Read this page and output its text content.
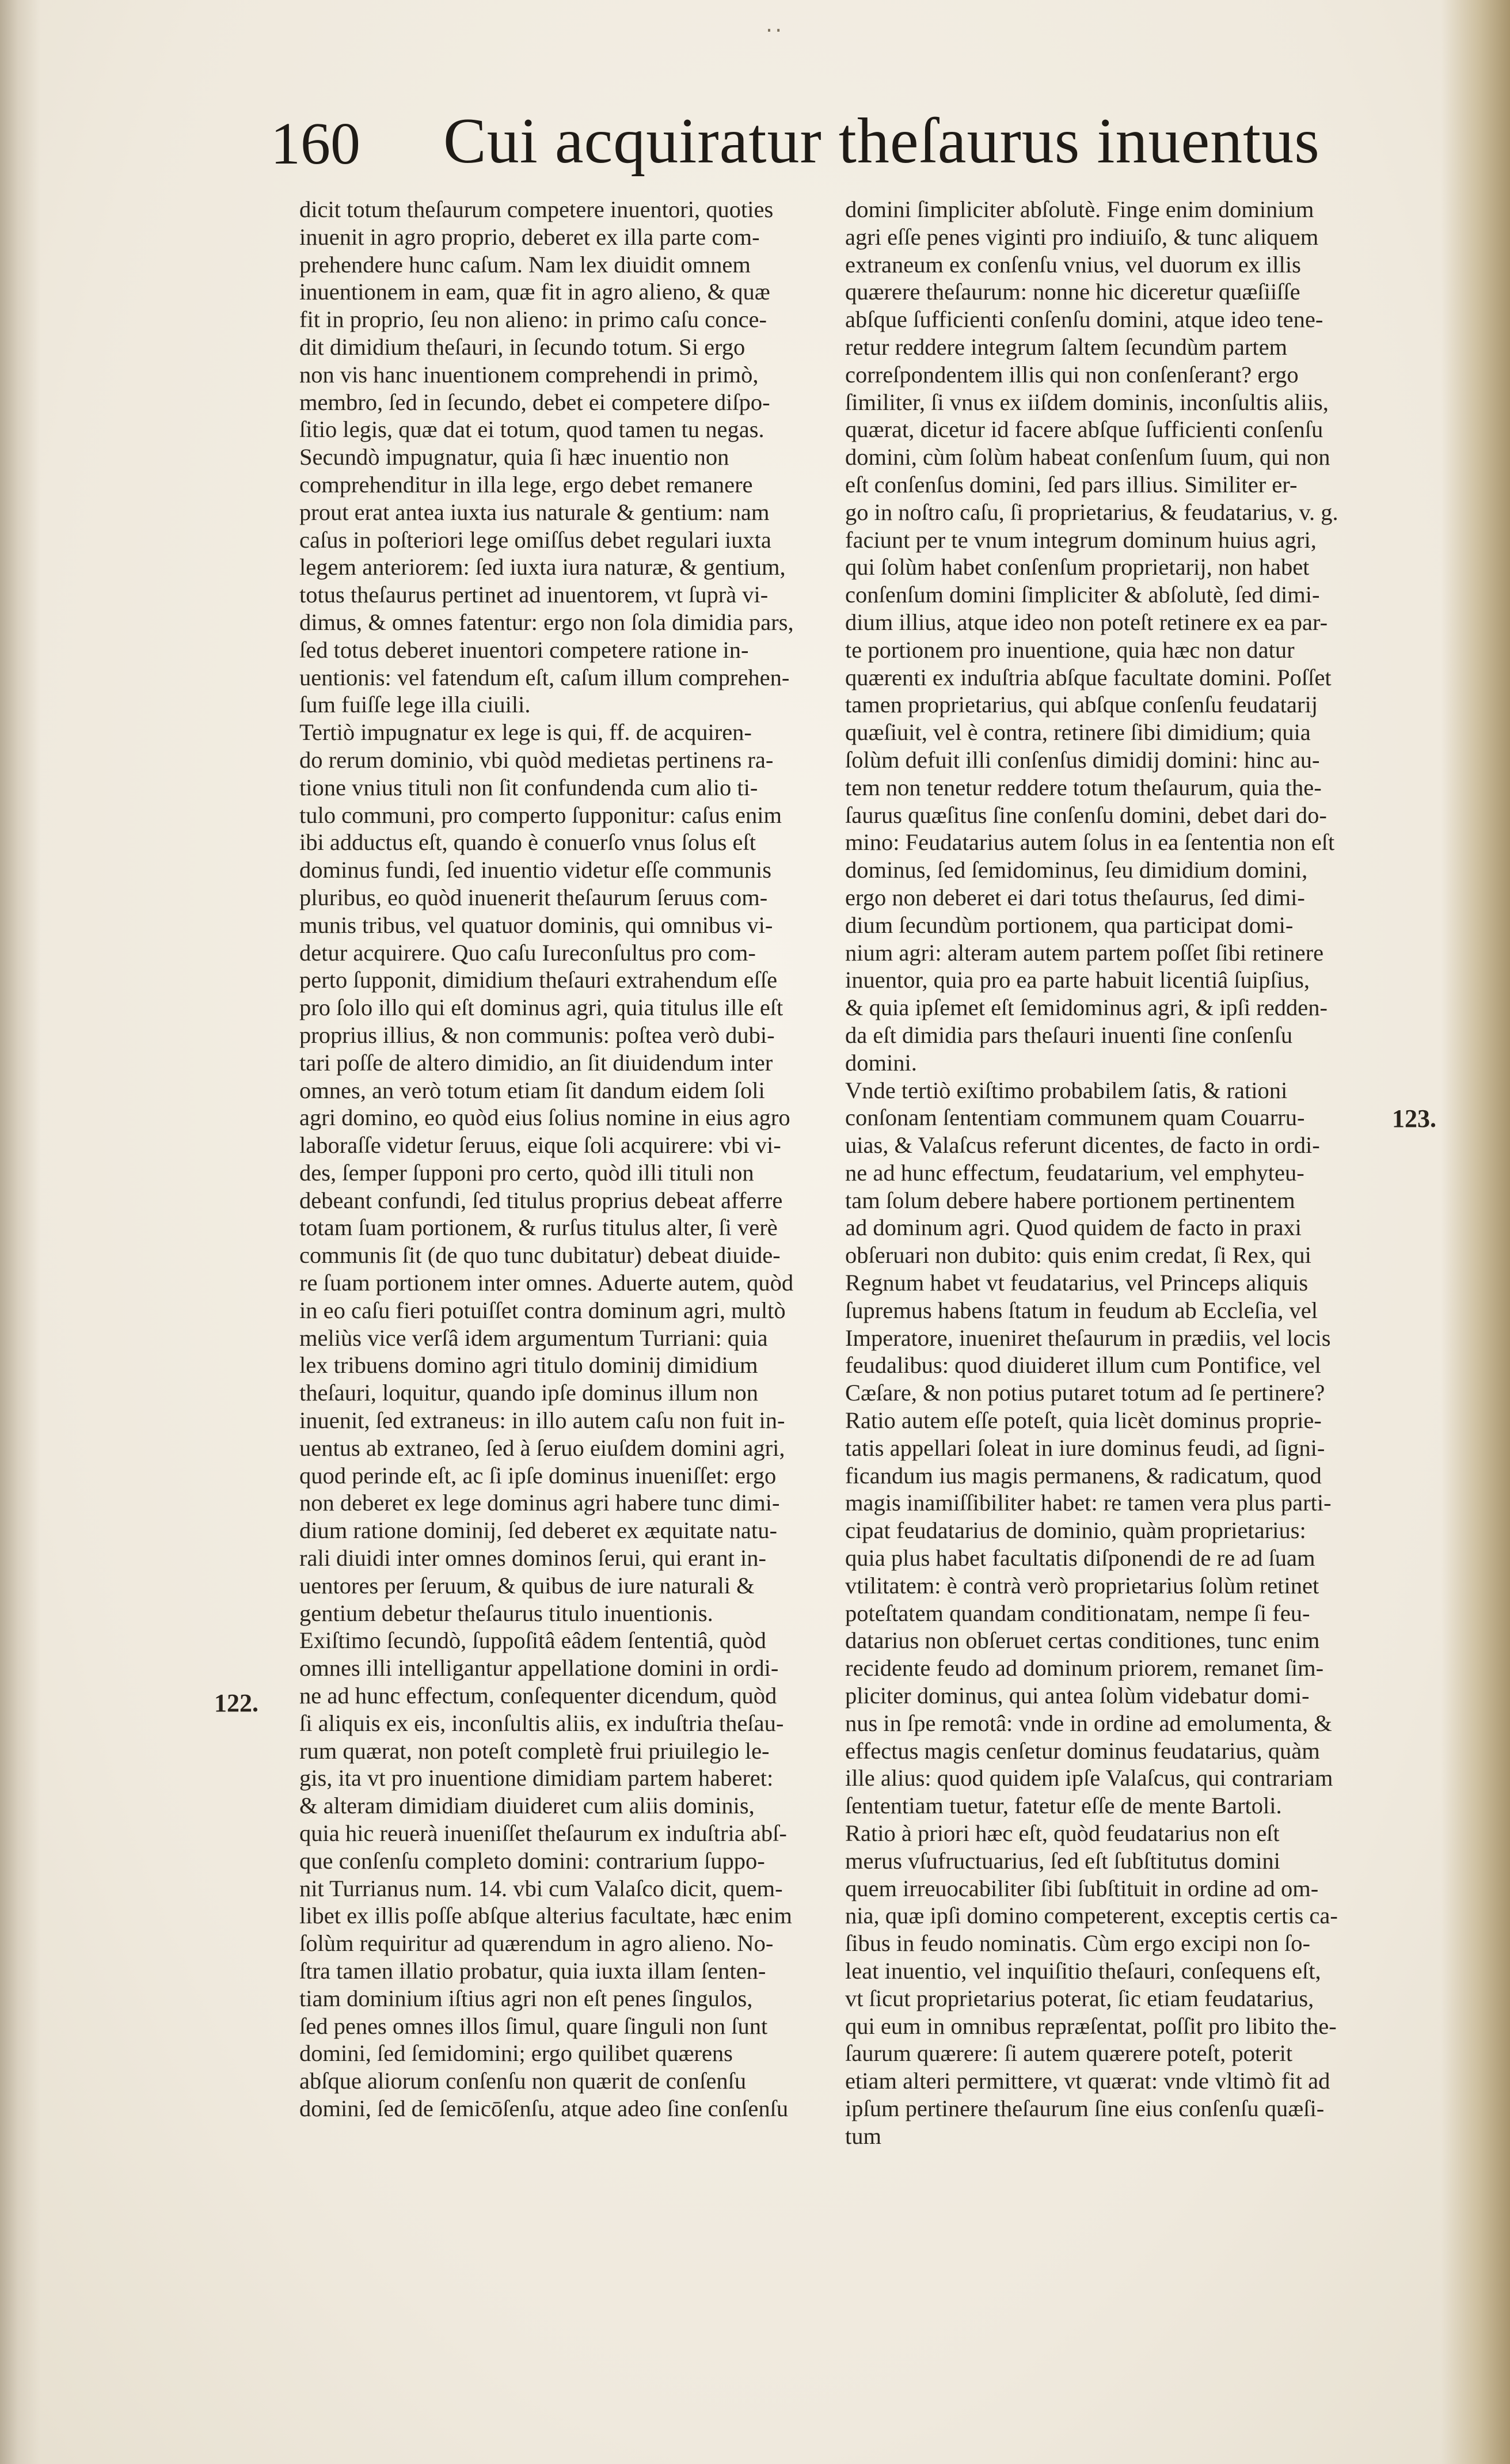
..
160 Cui acquiratur theſaurus inuentus
dicit totum theſaurum competere inuentori, quoties
inuenit in agro proprio, deberet ex illa parte com-
prehendere hunc caſum. Nam lex diuidit omnem
inuentionem in eam, quæ fit in agro alieno, & quæ
fit in proprio, ſeu non alieno: in primo caſu conce-
dit dimidium theſauri, in ſecundo totum. Si ergo
non vis hanc inuentionem comprehendi in primò,
membro, ſed in ſecundo, debet ei competere diſpo-
ſitio legis, quæ dat ei totum, quod tamen tu negas.
Secundò impugnatur, quia ſi hæc inuentio non
comprehenditur in illa lege, ergo debet remanere
prout erat antea iuxta ius naturale & gentium: nam
caſus in poſteriori lege omiſſus debet regulari iuxta
legem anteriorem: ſed iuxta iura naturæ, & gentium,
totus theſaurus pertinet ad inuentorem, vt ſuprà vi-
dimus, & omnes fatentur: ergo non ſola dimidia pars,
ſed totus deberet inuentori competere ratione in-
uentionis: vel fatendum eſt, caſum illum comprehen-
ſum fuiſſe lege illa ciuili.
Tertiò impugnatur ex lege is qui, ff. de acquiren-
do rerum dominio, vbi quòd medietas pertinens ra-
tione vnius tituli non ſit confundenda cum alio ti-
tulo communi, pro comperto ſupponitur: caſus enim
ibi adductus eſt, quando è conuerſo vnus ſolus eſt
dominus fundi, ſed inuentio videtur eſſe communis
pluribus, eo quòd inuenerit theſaurum ſeruus com-
munis tribus, vel quatuor dominis, qui omnibus vi-
detur acquirere. Quo caſu Iureconſultus pro com-
perto ſupponit, dimidium theſauri extrahendum eſſe
pro ſolo illo qui eſt dominus agri, quia titulus ille eſt
proprius illius, & non communis: poſtea verò dubi-
tari poſſe de altero dimidio, an ſit diuidendum inter
omnes, an verò totum etiam ſit dandum eidem ſoli
agri domino, eo quòd eius ſolius nomine in eius agro
laboraſſe videtur ſeruus, eique ſoli acquirere: vbi vi-
des, ſemper ſupponi pro certo, quòd illi tituli non
debeant confundi, ſed titulus proprius debeat afferre
totam ſuam portionem, & rurſus titulus alter, ſi verè
communis ſit (de quo tunc dubitatur) debeat diuide-
re ſuam portionem inter omnes. Aduerte autem, quòd
in eo caſu fieri potuiſſet contra dominum agri, multò
meliùs vice verſâ idem argumentum Turriani: quia
lex tribuens domino agri titulo dominij dimidium
theſauri, loquitur, quando ipſe dominus illum non
inuenit, ſed extraneus: in illo autem caſu non fuit in-
uentus ab extraneo, ſed à ſeruo eiuſdem domini agri,
quod perinde eſt, ac ſi ipſe dominus inueniſſet: ergo
non deberet ex lege dominus agri habere tunc dimi-
dium ratione dominij, ſed deberet ex æquitate natu-
rali diuidi inter omnes dominos ſerui, qui erant in-
uentores per ſeruum, & quibus de iure naturali &
gentium debetur theſaurus titulo inuentionis.
Exiſtimo ſecundò, ſuppoſitâ eâdem ſententiâ, quòd
omnes illi intelligantur appellatione domini in ordi-
ne ad hunc effectum, conſequenter dicendum, quòd
ſi aliquis ex eis, inconſultis aliis, ex induſtria theſau-
rum quærat, non poteſt completè frui priuilegio le-
gis, ita vt pro inuentione dimidiam partem haberet:
& alteram dimidiam diuideret cum aliis dominis,
quia hic reuerà inueniſſet theſaurum ex induſtria abſ-
que conſenſu completo domini: contrarium ſuppo-
nit Turrianus num. 14. vbi cum Valaſco dicit, quem-
libet ex illis poſſe abſque alterius facultate, hæc enim
ſolùm requiritur ad quærendum in agro alieno. No-
ſtra tamen illatio probatur, quia iuxta illam ſenten-
tiam dominium iſtius agri non eſt penes ſingulos,
ſed penes omnes illos ſimul, quare ſinguli non ſunt
domini, ſed ſemidomini; ergo quilibet quærens
abſque aliorum conſenſu non quærit de conſenſu
domini, ſed de ſemicōſenſu, atque adeo ſine conſenſu
domini ſimpliciter abſolutè. Finge enim dominium
agri eſſe penes viginti pro indiuiſo, & tunc aliquem
extraneum ex conſenſu vnius, vel duorum ex illis
quærere theſaurum: nonne hic diceretur quæſiiſſe
abſque ſufficienti conſenſu domini, atque ideo tene-
retur reddere integrum ſaltem ſecundùm partem
correſpondentem illis qui non conſenſerant? ergo
ſimiliter, ſi vnus ex iiſdem dominis, inconſultis aliis,
quærat, dicetur id facere abſque ſufficienti conſenſu
domini, cùm ſolùm habeat conſenſum ſuum, qui non
eſt conſenſus domini, ſed pars illius. Similiter er-
go in noſtro caſu, ſi proprietarius, & feudatarius, v. g.
faciunt per te vnum integrum dominum huius agri,
qui ſolùm habet conſenſum proprietarij, non habet
conſenſum domini ſimpliciter & abſolutè, ſed dimi-
dium illius, atque ideo non poteſt retinere ex ea par-
te portionem pro inuentione, quia hæc non datur
quærenti ex induſtria abſque facultate domini. Poſſet
tamen proprietarius, qui abſque conſenſu feudatarij
quæſiuit, vel è contra, retinere ſibi dimidium; quia
ſolùm defuit illi conſenſus dimidij domini: hinc au-
tem non tenetur reddere totum theſaurum, quia the-
ſaurus quæſitus ſine conſenſu domini, debet dari do-
mino: Feudatarius autem ſolus in ea ſententia non eſt
dominus, ſed ſemidominus, ſeu dimidium domini,
ergo non deberet ei dari totus theſaurus, ſed dimi-
dium ſecundùm portionem, qua participat domi-
nium agri: alteram autem partem poſſet ſibi retinere
inuentor, quia pro ea parte habuit licentiâ ſuipſius,
& quia ipſemet eſt ſemidominus agri, & ipſi redden-
da eſt dimidia pars theſauri inuenti ſine conſenſu
domini.
Vnde tertiò exiſtimo probabilem ſatis, & rationi
conſonam ſententiam communem quam Couarru-
uias, & Valaſcus referunt dicentes, de facto in ordi-
ne ad hunc effectum, feudatarium, vel emphyteu-
tam ſolum debere habere portionem pertinentem
ad dominum agri. Quod quidem de facto in praxi
obſeruari non dubito: quis enim credat, ſi Rex, qui
Regnum habet vt feudatarius, vel Princeps aliquis
ſupremus habens ſtatum in feudum ab Eccleſia, vel
Imperatore, inueniret theſaurum in prædiis, vel locis
feudalibus: quod diuideret illum cum Pontifice, vel
Cæſare, & non potius putaret totum ad ſe pertinere?
Ratio autem eſſe poteſt, quia licèt dominus proprie-
tatis appellari ſoleat in iure dominus feudi, ad ſigni-
ficandum ius magis permanens, & radicatum, quod
magis inamiſſibiliter habet: re tamen vera plus parti-
cipat feudatarius de dominio, quàm proprietarius:
quia plus habet facultatis diſponendi de re ad ſuam
vtilitatem: è contrà verò proprietarius ſolùm retinet
poteſtatem quandam conditionatam, nempe ſi feu-
datarius non obſeruet certas conditiones, tunc enim
recidente feudo ad dominum priorem, remanet ſim-
pliciter dominus, qui antea ſolùm videbatur domi-
nus in ſpe remotâ: vnde in ordine ad emolumenta, &
effectus magis cenſetur dominus feudatarius, quàm
ille alius: quod quidem ipſe Valaſcus, qui contrariam
ſententiam tuetur, fatetur eſſe de mente Bartoli.
Ratio à priori hæc eſt, quòd feudatarius non eſt
merus vſufructuarius, ſed eſt ſubſtitutus domini
quem irreuocabiliter ſibi ſubſtituit in ordine ad om-
nia, quæ ipſi domino competerent, exceptis certis ca-
ſibus in feudo nominatis. Cùm ergo excipi non ſo-
leat inuentio, vel inquiſitio theſauri, conſequens eſt,
vt ſicut proprietarius poterat, ſic etiam feudatarius,
qui eum in omnibus repræſentat, poſſit pro libito the-
ſaurum quærere: ſi autem quærere poteſt, poterit
etiam alteri permittere, vt quærat: vnde vltimò fit ad
ipſum pertinere theſaurum ſine eius conſenſu quæſi-
tum
122.
123.
